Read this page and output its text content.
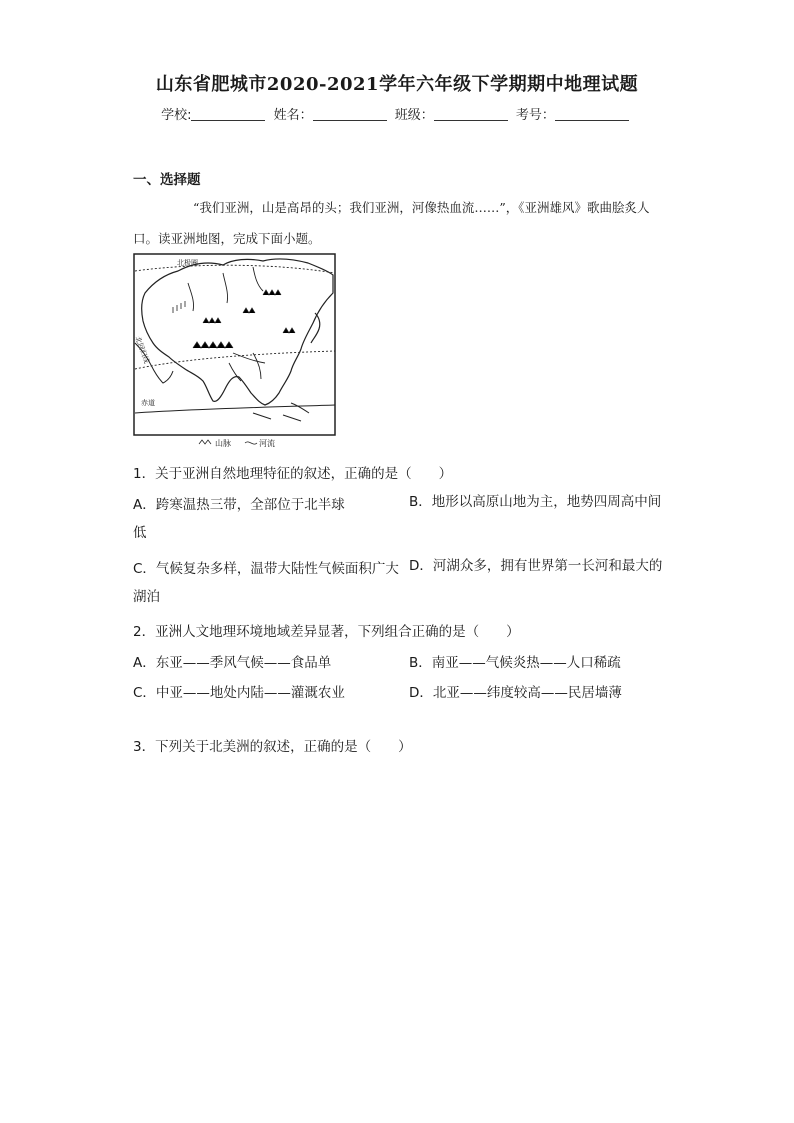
山东省肥城市2020-2021学年六年级下学期期中地理试题
学校:	姓名：	班级：	考号：
一、选择题
“我们亚洲，山是高昂的头；我们亚洲，河像热血流……”，《亚洲雄风》歌曲脍炙人口。读亚洲地图，完成下面小题。
北极圈
北回归线
赤道
山脉	河流
1．关于亚洲自然地理特征的叙述，正确的是（　　）
A．跨寒温热三带，全部位于北半球	B．地形以高原山地为主，地势四周高中间低
C．气候复杂多样，温带大陆性气候面积广大 D．河湖众多，拥有世界第一长河和最大的湖泊
2．亚洲人文地理环境地域差异显著，下列组合正确的是（　　）
A．东亚——季风气候——食品单	B．南亚——气候炎热——人口稀疏
C．中亚——地处内陆——灌溉农业	D．北亚——纬度较高——民居墙薄
3．下列关于北美洲的叙述，正确的是（　　）
